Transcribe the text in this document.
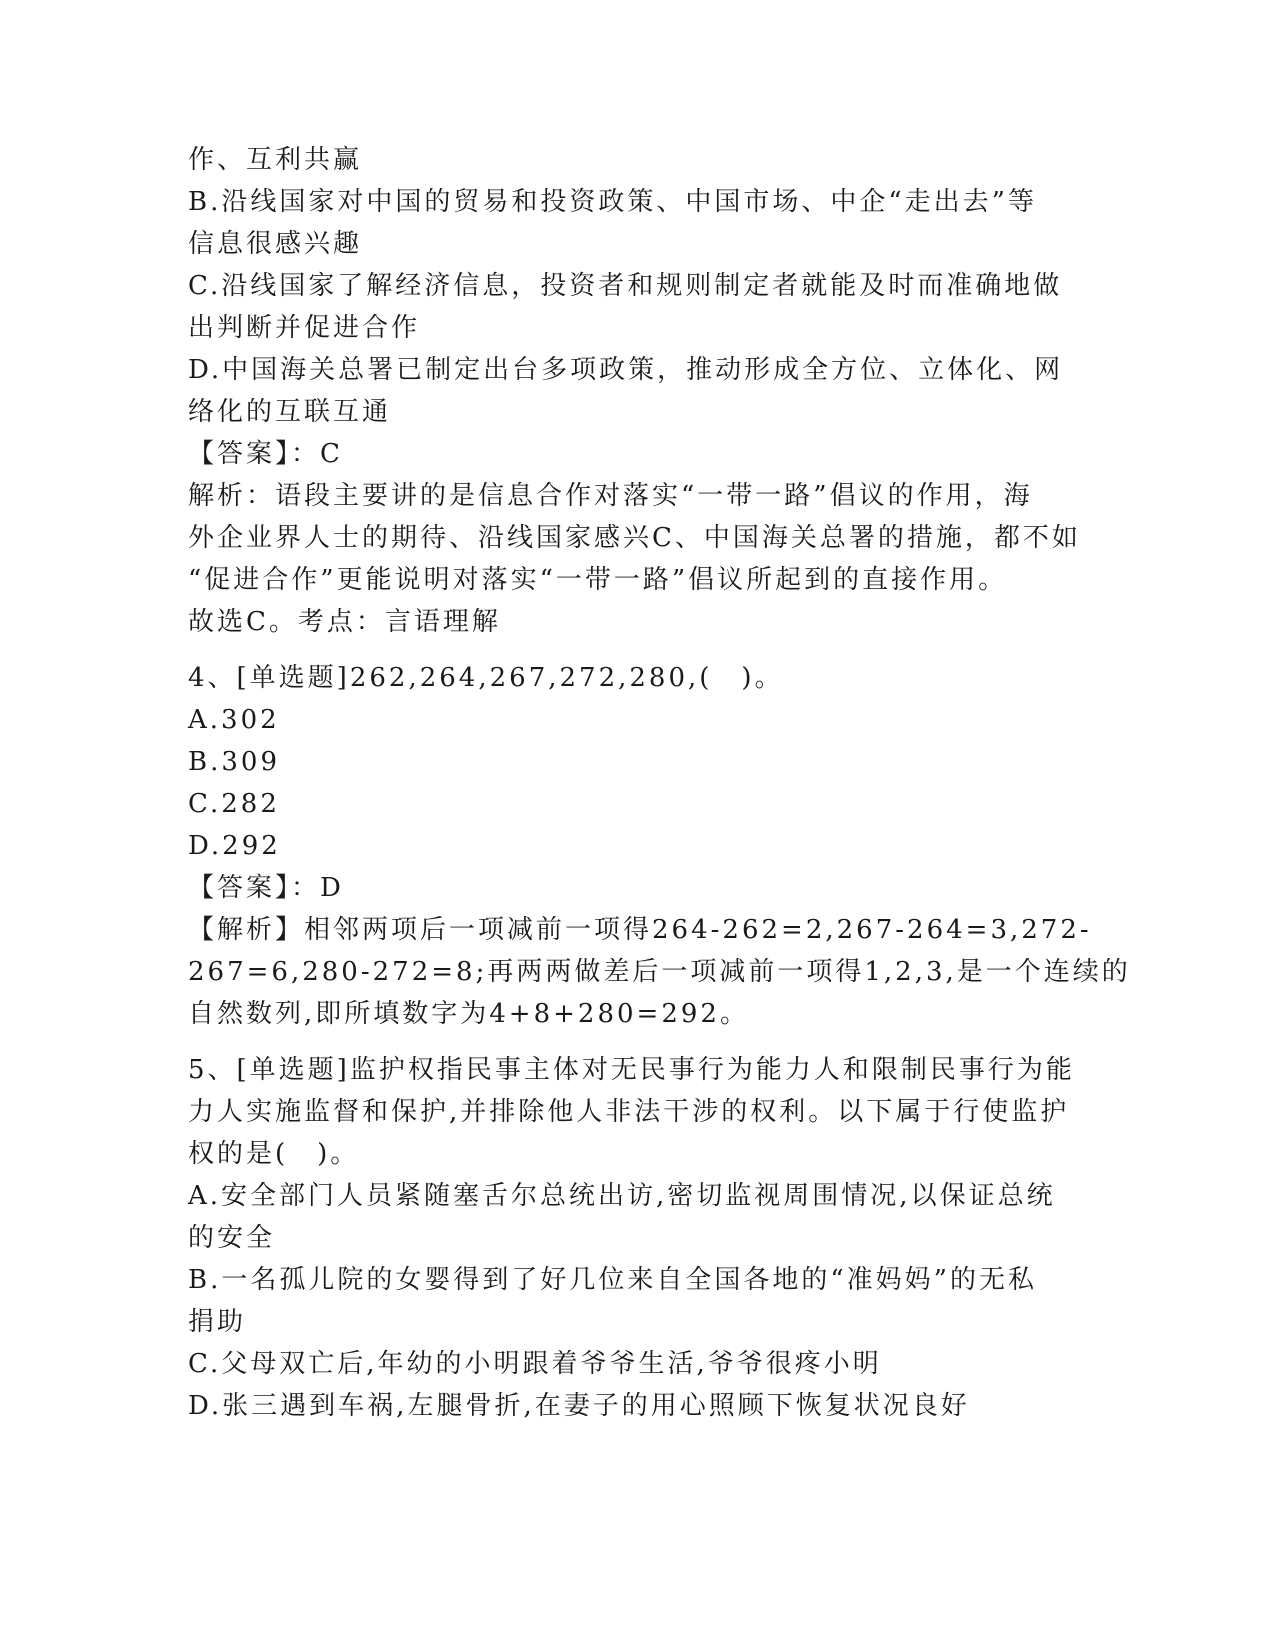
作、互利共赢
B.沿线国家对中国的贸易和投资政策、中国市场、中企“走出去”等
信息很感兴趣
C.沿线国家了解经济信息，投资者和规则制定者就能及时而准确地做
出判断并促进合作
D.中国海关总署已制定出台多项政策，推动形成全方位、立体化、网
络化的互联互通
【答案】：C
解析：语段主要讲的是信息合作对落实“一带一路”倡议的作用，海
外企业界人士的期待、沿线国家感兴C、中国海关总署的措施，都不如
“促进合作”更能说明对落实“一带一路”倡议所起到的直接作用。
故选C。考点：言语理解
4、[单选题]262,264,267,272,280,(　)。
A.302
B.309
C.282
D.292
【答案】：D
【解析】相邻两项后一项减前一项得264-262=2,267-264=3,272-
267=6,280-272=8;再两两做差后一项减前一项得1,2,3,是一个连续的
自然数列,即所填数字为4+8+280=292。
5、[单选题]监护权指民事主体对无民事行为能力人和限制民事行为能
力人实施监督和保护,并排除他人非法干涉的权利。以下属于行使监护
权的是(　)。
A.安全部门人员紧随塞舌尔总统出访,密切监视周围情况,以保证总统
的安全
B.一名孤儿院的女婴得到了好几位来自全国各地的“准妈妈”的无私
捐助
C.父母双亡后,年幼的小明跟着爷爷生活,爷爷很疼小明
D.张三遇到车祸,左腿骨折,在妻子的用心照顾下恢复状况良好
